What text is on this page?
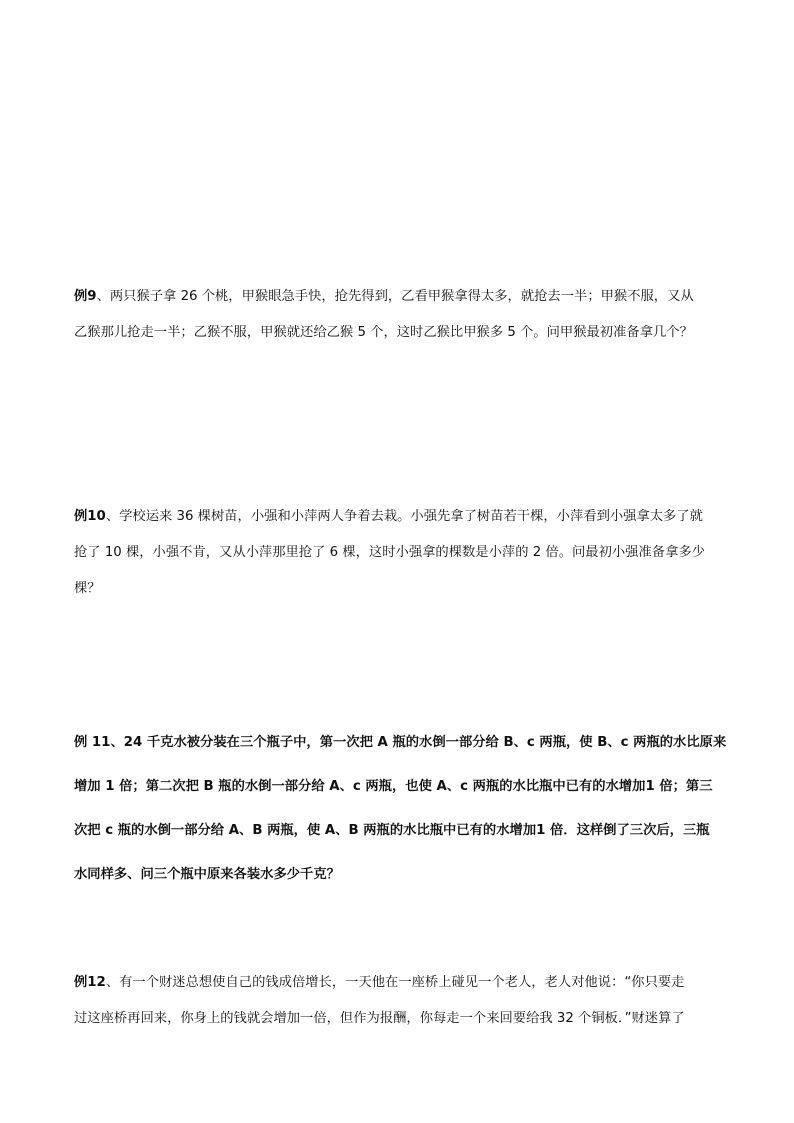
例9、两只猴子拿 26 个桃，甲猴眼急手快，抢先得到，乙看甲猴拿得太多，就抢去一半；甲猴不服，又从
乙猴那儿抢走一半；乙猴不服，甲猴就还给乙猴 5 个，这时乙猴比甲猴多 5 个。问甲猴最初准备拿几个？
例10、学校运来 36 棵树苗，小强和小萍两人争着去栽。小强先拿了树苗若干棵，小萍看到小强拿太多了就
抢了 10 棵，小强不肯，又从小萍那里抢了 6 棵，这时小强拿的棵数是小萍的 2 倍。问最初小强准备拿多少
棵？
例 11、24 千克水被分装在三个瓶子中，第一次把 A 瓶的水倒一部分给 B、c 两瓶，使 B、c 两瓶的水比原来
增加 1 倍；第二次把 B 瓶的水倒一部分给 A、c 两瓶，也使 A、c 两瓶的水比瓶中已有的水增加1 倍；第三
次把 c 瓶的水倒一部分给 A、B 两瓶，使 A、B 两瓶的水比瓶中已有的水增加1 倍．这样倒了三次后，三瓶
水同样多、问三个瓶中原来各装水多少千克？
例12、有一个财迷总想使自己的钱成倍增长，一天他在一座桥上碰见一个老人，老人对他说：“你只要走
过这座桥再回来，你身上的钱就会增加一倍，但作为报酬，你每走一个来回要给我 32 个铜板．”财迷算了
